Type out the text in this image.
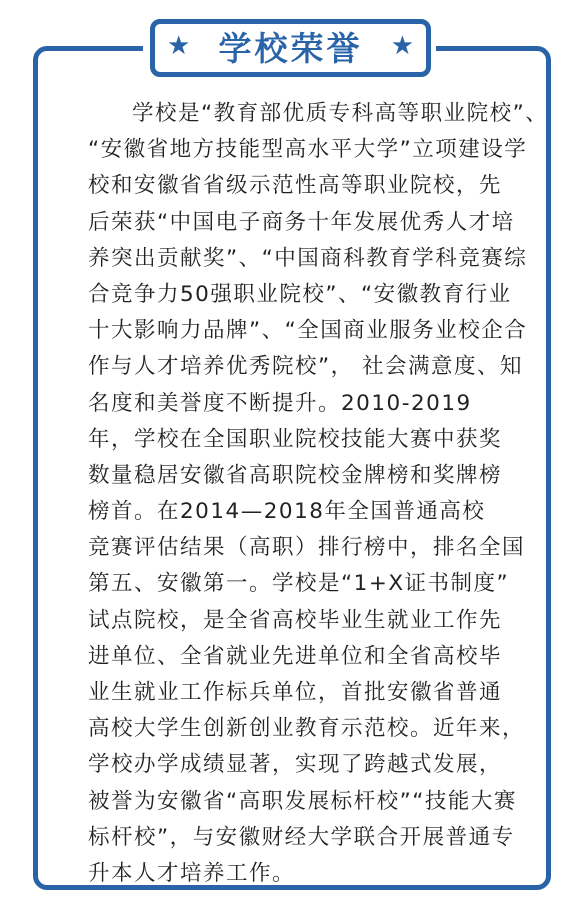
★ 学校荣誉 ★
学校是“教育部优质专科高等职业院校”、
“安徽省地方技能型高水平大学”立项建设学
校和安徽省省级示范性高等职业院校，先
后荣获“中国电子商务十年发展优秀人才培
养突出贡献奖”、“中国商科教育学科竞赛综
合竞争力50强职业院校”、“安徽教育行业
十大影响力品牌”、“全国商业服务业校企合
作与人才培养优秀院校”， 社会满意度、知
名度和美誉度不断提升。2010-2019
年，学校在全国职业院校技能大赛中获奖
数量稳居安徽省高职院校金牌榜和奖牌榜
榜首。在2014—2018年全国普通高校
竞赛评估结果（高职）排行榜中，排名全国
第五、安徽第一。学校是“1+X证书制度”
试点院校，是全省高校毕业生就业工作先
进单位、全省就业先进单位和全省高校毕
业生就业工作标兵单位，首批安徽省普通
高校大学生创新创业教育示范校。近年来，
学校办学成绩显著，实现了跨越式发展，
被誉为安徽省“高职发展标杆校”“技能大赛
标杆校”，与安徽财经大学联合开展普通专
升本人才培养工作。
